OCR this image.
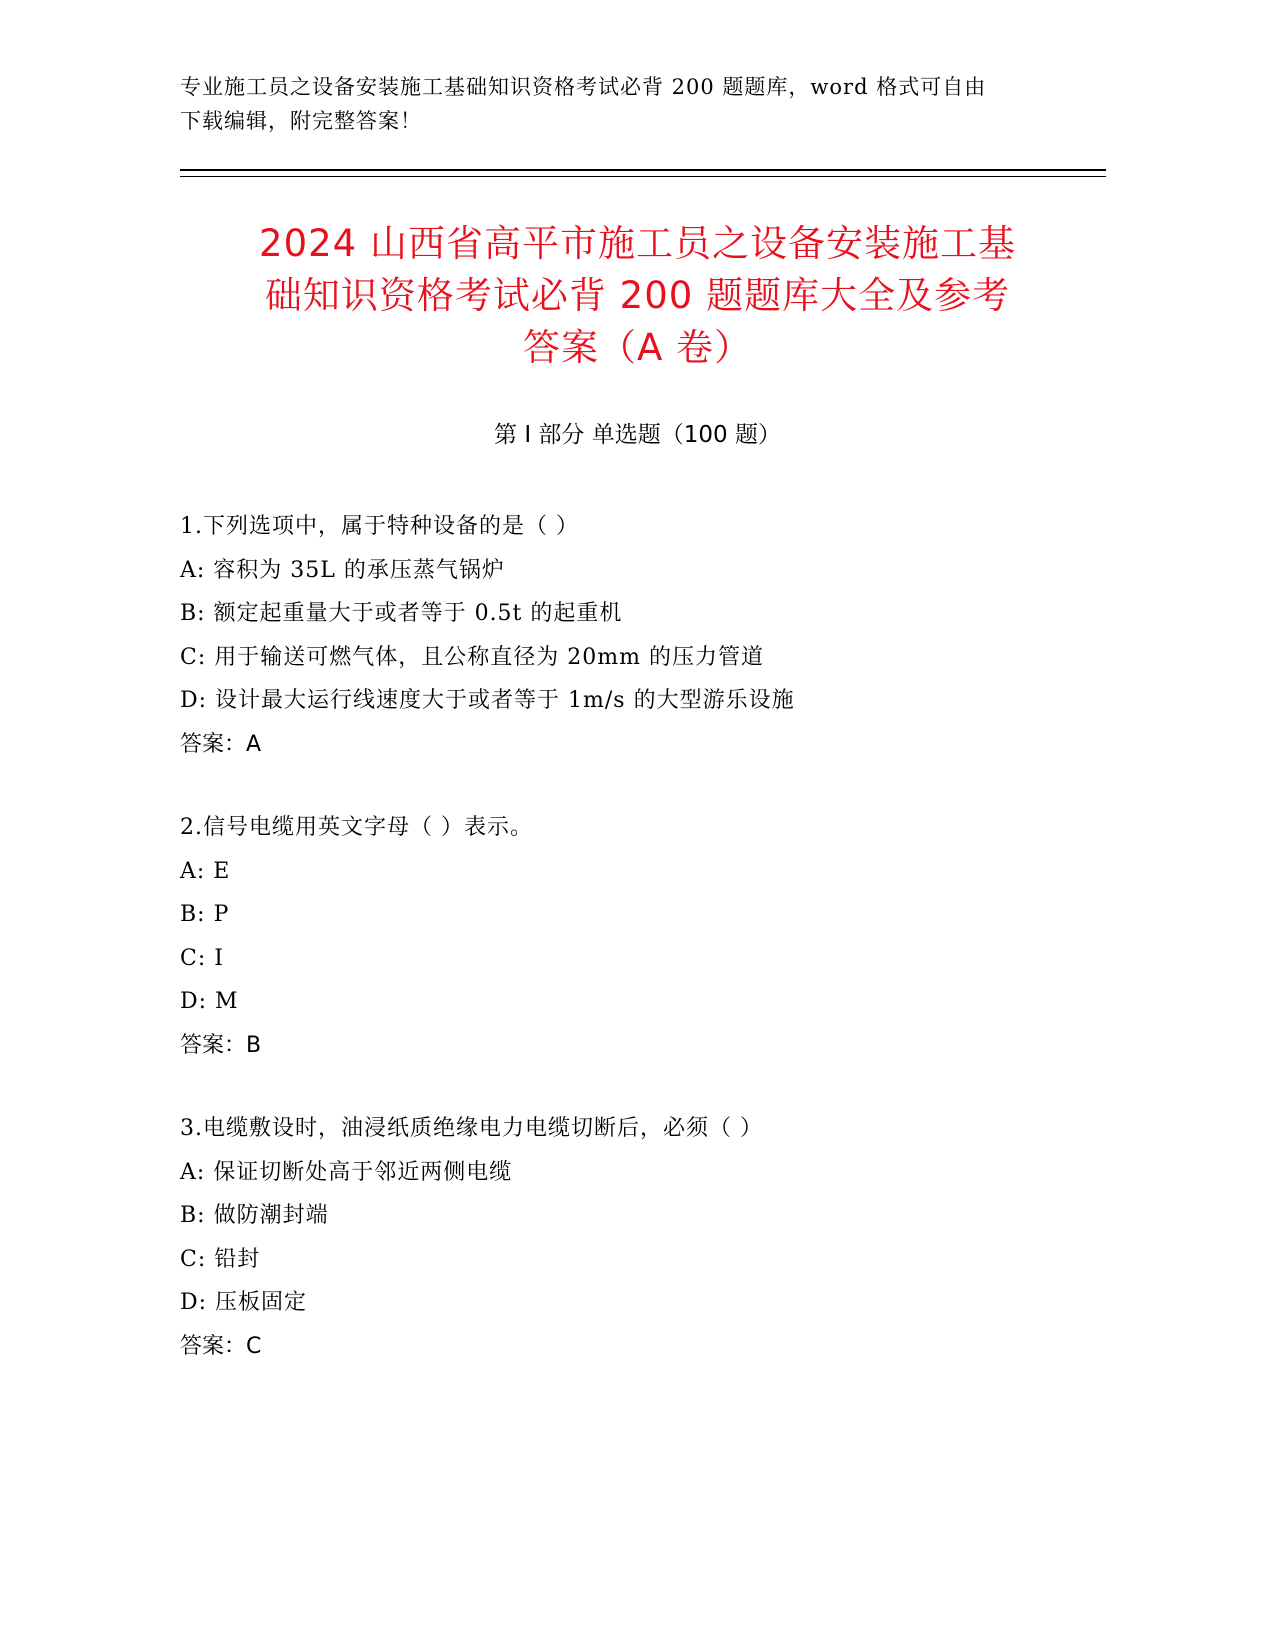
专业施工员之设备安装施工基础知识资格考试必背 200 题题库，word 格式可自由
下载编辑，附完整答案！
2024 山西省高平市施工员之设备安装施工基
础知识资格考试必背 200 题题库大全及参考
答案（A 卷）
第 I 部分 单选题（100 题）
1.下列选项中，属于特种设备的是（ ）
A: 容积为 35L 的承压蒸气锅炉
B: 额定起重量大于或者等于 0.5t 的起重机
C: 用于输送可燃气体，且公称直径为 20mm 的压力管道
D: 设计最大运行线速度大于或者等于 1m/s 的大型游乐设施
答案：A
2.信号电缆用英文字母（ ）表示。
A: E
B: P
C: I
D: M
答案：B
3.电缆敷设时，油浸纸质绝缘电力电缆切断后，必须（ ）
A: 保证切断处高于邻近两侧电缆
B: 做防潮封端
C: 铅封
D: 压板固定
答案：C
